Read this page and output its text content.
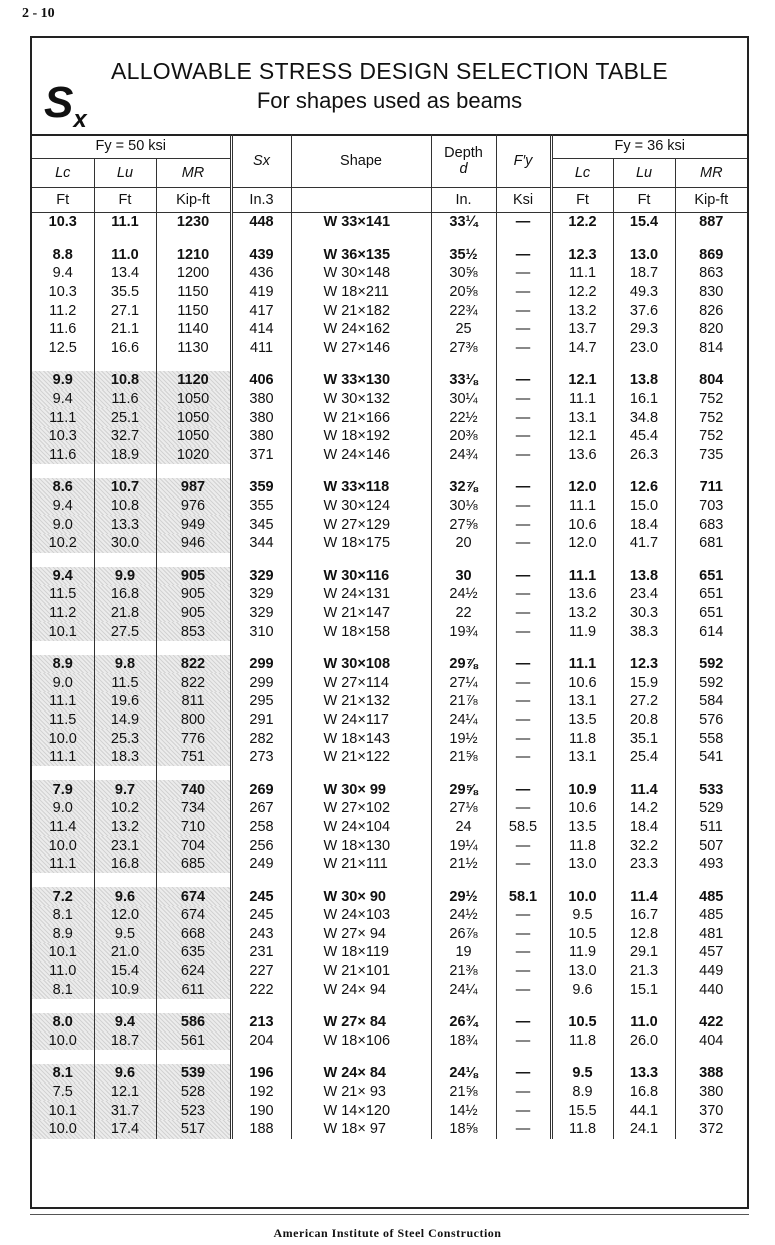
2 - 10
$S_x$
ALLOWABLE STRESS DESIGN SELECTION TABLE
For shapes used as beams
Fy = 50 ksi			Sx	Shape	Depth
d	F′y	Fy = 36 ksi		
Lc	Lu	MR					Lc	Lu	MR
Ft	Ft	Kip-ft	In.3		In.	Ksi	Ft	Ft	Kip-ft
10.3	11.1	1230	448	W 33×141	33¼	—	12.2	15.4	887

8.8	11.0	1210	439	W 36×135	35½	—	12.3	13.0	869
9.4	13.4	1200	436	W 30×148	30⅝	—	11.1	18.7	863
10.3	35.5	1150	419	W 18×211	20⅝	—	12.2	49.3	830
11.2	27.1	1150	417	W 21×182	22¾	—	13.2	37.6	826
11.6	21.1	1140	414	W 24×162	25	—	13.7	29.3	820
12.5	16.6	1130	411	W 27×146	27⅜	—	14.7	23.0	814

9.9	10.8	1120	406	W 33×130	33⅛	—	12.1	13.8	804
9.4	11.6	1050	380	W 30×132	30¼	—	11.1	16.1	752
11.1	25.1	1050	380	W 21×166	22½	—	13.1	34.8	752
10.3	32.7	1050	380	W 18×192	20⅜	—	12.1	45.4	752
11.6	18.9	1020	371	W 24×146	24¾	—	13.6	26.3	735

8.6	10.7	987	359	W 33×118	32⅞	—	12.0	12.6	711
9.4	10.8	976	355	W 30×124	30⅛	—	11.1	15.0	703
9.0	13.3	949	345	W 27×129	27⅝	—	10.6	18.4	683
10.2	30.0	946	344	W 18×175	20	—	12.0	41.7	681

9.4	9.9	905	329	W 30×116	30	—	11.1	13.8	651
11.5	16.8	905	329	W 24×131	24½	—	13.6	23.4	651
11.2	21.8	905	329	W 21×147	22	—	13.2	30.3	651
10.1	27.5	853	310	W 18×158	19¾	—	11.9	38.3	614

8.9	9.8	822	299	W 30×108	29⅞	—	11.1	12.3	592
9.0	11.5	822	299	W 27×114	27¼	—	10.6	15.9	592
11.1	19.6	811	295	W 21×132	21⅞	—	13.1	27.2	584
11.5	14.9	800	291	W 24×117	24¼	—	13.5	20.8	576
10.0	25.3	776	282	W 18×143	19½	—	11.8	35.1	558
11.1	18.3	751	273	W 21×122	21⅝	—	13.1	25.4	541

7.9	9.7	740	269	W 30× 99	29⅝	—	10.9	11.4	533
9.0	10.2	734	267	W 27×102	27⅛	—	10.6	14.2	529
11.4	13.2	710	258	W 24×104	24	58.5	13.5	18.4	511
10.0	23.1	704	256	W 18×130	19¼	—	11.8	32.2	507
11.1	16.8	685	249	W 21×111	21½	—	13.0	23.3	493

7.2	9.6	674	245	W 30× 90	29½	58.1	10.0	11.4	485
8.1	12.0	674	245	W 24×103	24½	—	9.5	16.7	485
8.9	9.5	668	243	W 27× 94	26⅞	—	10.5	12.8	481
10.1	21.0	635	231	W 18×119	19	—	11.9	29.1	457
11.0	15.4	624	227	W 21×101	21⅜	—	13.0	21.3	449
8.1	10.9	611	222	W 24× 94	24¼	—	9.6	15.1	440

8.0	9.4	586	213	W 27× 84	26¾	—	10.5	11.0	422
10.0	18.7	561	204	W 18×106	18¾	—	11.8	26.0	404

8.1	9.6	539	196	W 24× 84	24⅛	—	9.5	13.3	388
7.5	12.1	528	192	W 21× 93	21⅝	—	8.9	16.8	380
10.1	31.7	523	190	W 14×120	14½	—	15.5	44.1	370
10.0	17.4	517	188	W 18× 97	18⅝	—	11.8	24.1	372
American Institute of Steel Construction
